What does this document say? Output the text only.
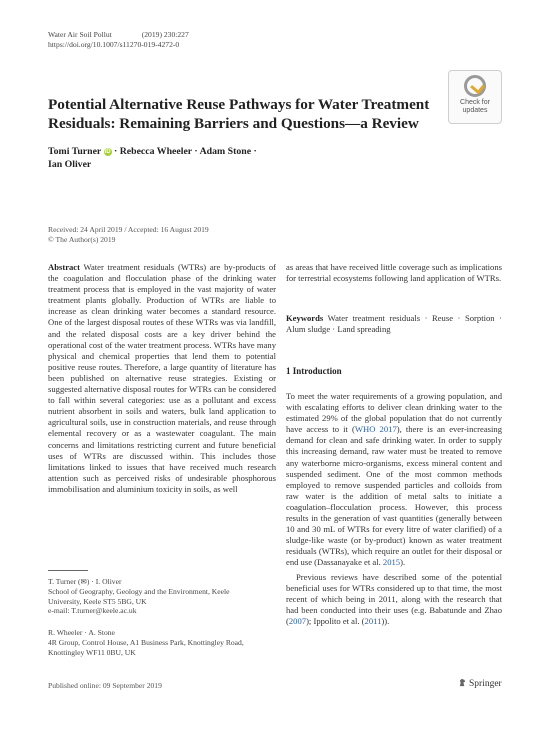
Water Air Soil Pollut	(2019) 230:227
https://doi.org/10.1007/s11270-019-4272-0
Check for
updates
Potential Alternative Reuse Pathways for Water Treatment Residuals: Remaining Barriers and Questions—a Review
Tomi Turner iD · Rebecca Wheeler · Adam Stone ·
Ian Oliver
Received: 24 April 2019 / Accepted: 16 August 2019
© The Author(s) 2019
Abstract Water treatment residuals (WTRs) are by-products of the coagulation and flocculation phase of the drinking water treatment process that is employed in the vast majority of water treatment plants globally. Production of WTRs are liable to increase as clean drinking water becomes a standard resource. One of the largest disposal routes of these WTRs was via landfill, and the related disposal costs are a key driver behind the operational cost of the water treatment process. WTRs have many physical and chemical properties that lend them to potential positive reuse routes. Therefore, a large quantity of literature has been published on alternative reuse strategies. Existing or suggested alternative disposal routes for WTRs can be considered to fall within several categories: use as a pollutant and excess nutrient absorbent in soils and waters, bulk land application to agricultural soils, use in construction materials, and reuse through elemental recovery or as a wastewater coagulant. The main concerns and limitations restricting current and future beneficial uses of WTRs are discussed within. This includes those limitations linked to issues that have received much research attention such as perceived risks of undesirable phosphorous immobilisation and aluminium toxicity in soils, as well
as areas that have received little coverage such as implications for terrestrial ecosystems following land application of WTRs.
Keywords Water treatment residuals · Reuse · Sorption · Alum sludge · Land spreading
1 Introduction
To meet the water requirements of a growing population, and with escalating efforts to deliver clean drinking water to the estimated 29% of the global population that do not currently have access to it (WHO 2017), there is an ever-increasing demand for clean and safe drinking water. In order to supply this increasing demand, raw water must be treated to remove any waterborne micro-organisms, excess mineral content and suspended sediment. One of the most common methods employed to remove suspended particles and colloids from raw water is the addition of metal salts to initiate a coagulation–flocculation process. However, this process results in the generation of vast quantities (generally between 10 and 30 mL of WTRs for every litre of water clarified) of a sludge-like waste (or by-product) known as water treatment residuals (WTRs), which require an outlet for their disposal or end use (Dassanayake et al. 2015).
Previous reviews have described some of the potential beneficial uses for WTRs considered up to that time, the most recent of which being in 2011, along with the research that had been conducted into their uses (e.g. Babatunde and Zhao (2007); Ippolito et al. (2011)).
T. Turner (✉) · I. Oliver
School of Geography, Geology and the Environment, Keele
University, Keele ST5 5BG, UK
e-mail: T.turner@keele.ac.uk
R. Wheeler · A. Stone
4R Group, Control House, A1 Business Park, Knottingley Road,
Knottingley WF11 0BU, UK
Published online: 09 September 2019	Springer
